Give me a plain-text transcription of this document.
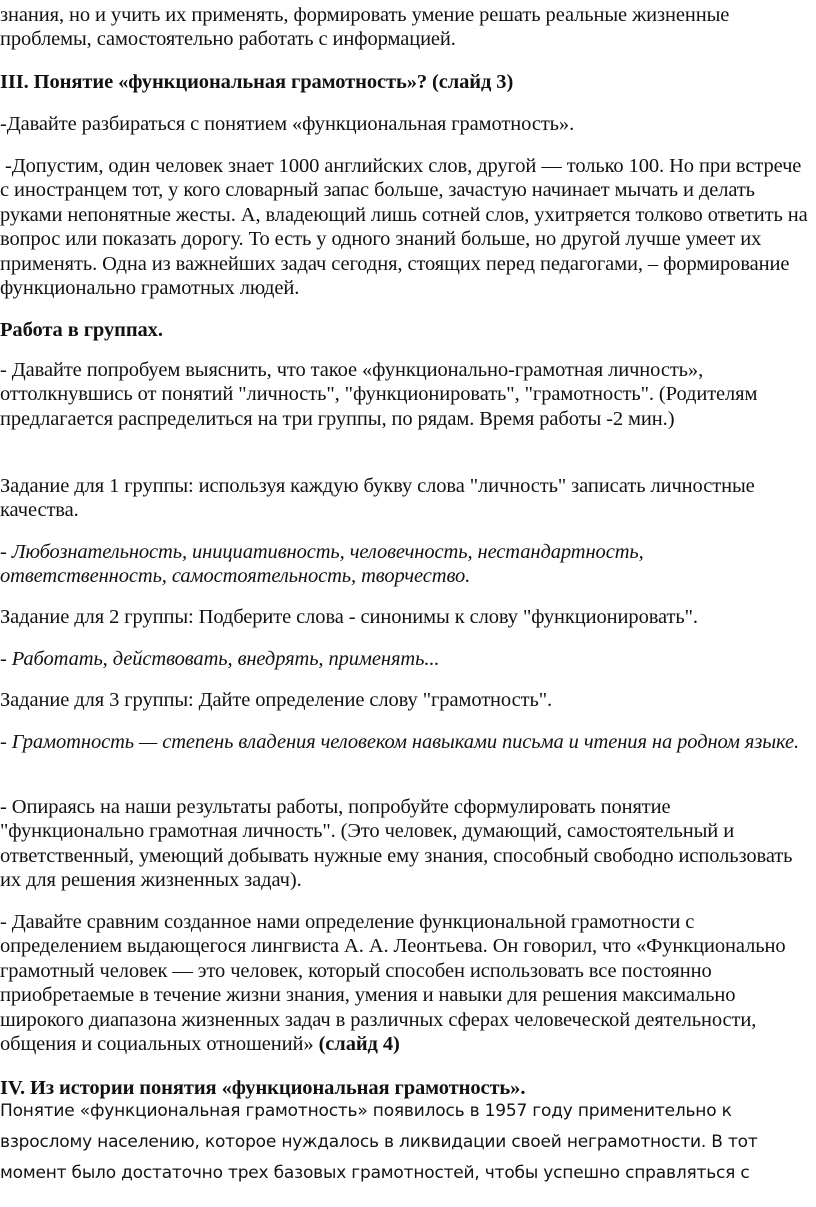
знания, но и учить их применять, формировать умение решать реальные жизненные проблемы, самостоятельно работать с информацией.

III. Понятие «функциональная грамотность»? (слайд 3)

-Давайте разбираться с понятием «функциональная грамотность».

-Допустим, один человек знает 1000 английских слов, другой — только 100. Но при встрече с иностранцем тот, у кого словарный запас больше, зачастую начинает мычать и делать руками непонятные жесты. А, владеющий лишь сотней слов, ухитряется толково ответить на вопрос или показать дорогу. То есть у одного знаний больше, но другой лучше умеет их применять. Одна из важнейших задач сегодня, стоящих перед педагогами, – формирование функционально грамотных людей.

Работа в группах.

- Давайте попробуем выяснить, что такое «функционально-грамотная личность», оттолкнувшись от понятий "личность", "функционировать", "грамотность". (Родителям предлагается распределиться на три группы, по рядам. Время работы -2 мин.)

Задание для 1 группы: используя каждую букву слова "личность" записать личностные качества.

- Любознательность, инициативность, человечность, нестандартность, ответственность, самостоятельность, творчество.

Задание для 2 группы: Подберите слова - синонимы к слову "функционировать".

- Работать, действовать, внедрять, применять...

Задание для 3 группы: Дайте определение слову "грамотность".

- Грамотность — степень владения человеком навыками письма и чтения на родном языке.

- Опираясь на наши результаты работы, попробуйте сформулировать понятие "функционально грамотная личность". (Это человек, думающий, самостоятельный и ответственный, умеющий добывать нужные ему знания, способный свободно использовать их для решения жизненных задач).

- Давайте сравним созданное нами определение функциональной грамотности с определением выдающегося лингвиста А. А. Леонтьева. Он говорил, что «Функционально грамотный человек — это человек, который способен использовать все постоянно приобретаемые в течение жизни знания, умения и навыки для решения максимально широкого диапазона жизненных задач в различных сферах человеческой деятельности, общения и социальных отношений» (слайд 4)

IV. Из истории понятия «функциональная грамотность».

Понятие «функциональная грамотность» появилось в 1957 году применительно к взрослому населению, которое нуждалось в ликвидации своей неграмотности. В тот момент было достаточно трех базовых грамотностей, чтобы успешно справляться с
